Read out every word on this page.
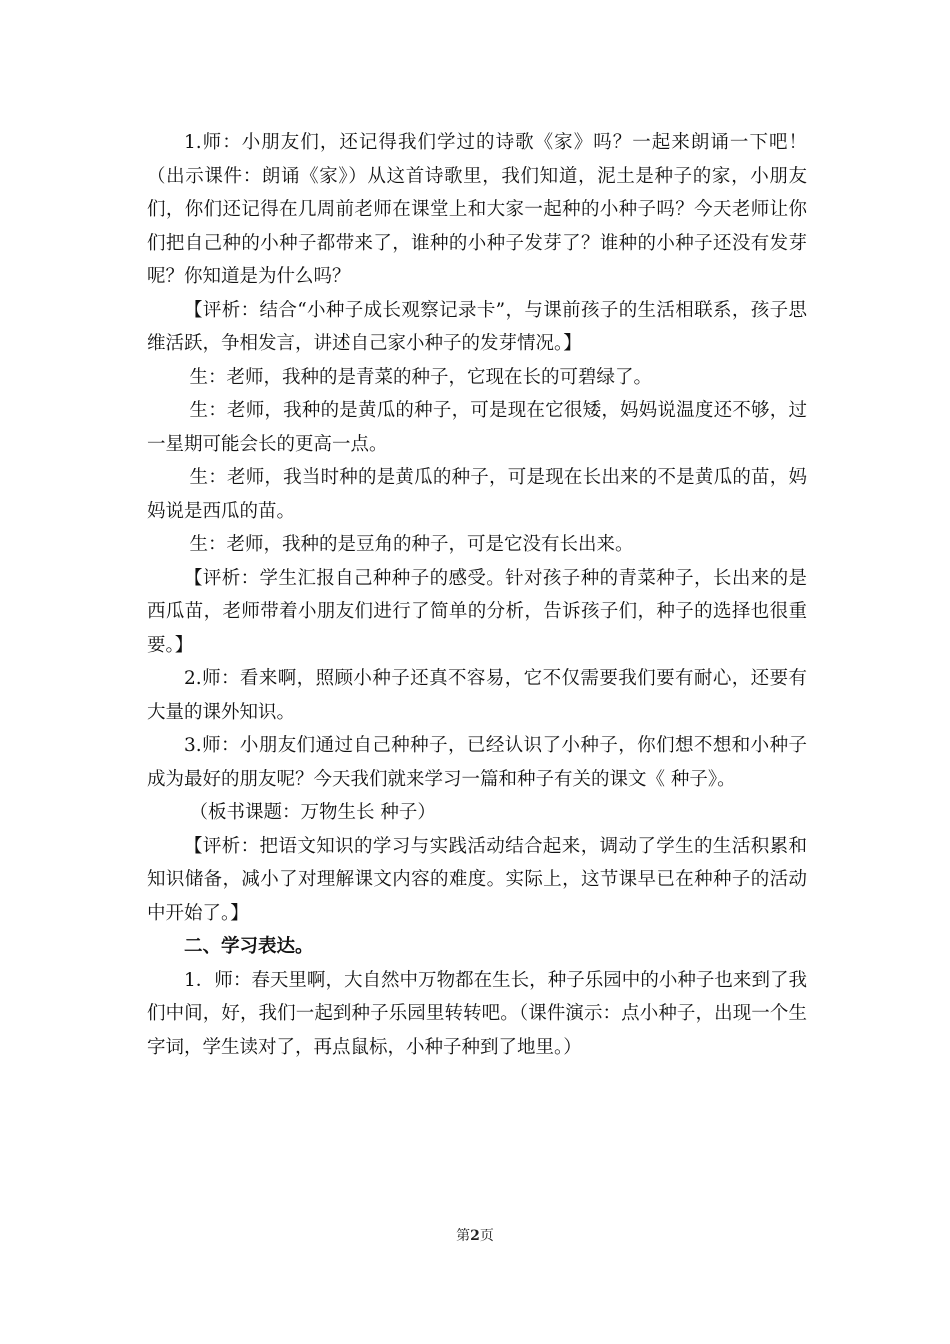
1.师：小朋友们，还记得我们学过的诗歌《家》吗？一起来朗诵一下吧！（出示课件：朗诵《家》）从这首诗歌里，我们知道，泥土是种子的家，小朋友们，你们还记得在几周前老师在课堂上和大家一起种的小种子吗？今天老师让你们把自己种的小种子都带来了，谁种的小种子发芽了？谁种的小种子还没有发芽呢？你知道是为什么吗？

【评析：结合“小种子成长观察记录卡”，与课前孩子的生活相联系，孩子思维活跃，争相发言，讲述自己家小种子的发芽情况。】

生：老师，我种的是青菜的种子，它现在长的可碧绿了。

生：老师，我种的是黄瓜的种子，可是现在它很矮，妈妈说温度还不够，过一星期可能会长的更高一点。

生：老师，我当时种的是黄瓜的种子，可是现在长出来的不是黄瓜的苗，妈妈说是西瓜的苗。

生：老师，我种的是豆角的种子，可是它没有长出来。

【评析：学生汇报自己种种子的感受。针对孩子种的青菜种子，长出来的是西瓜苗，老师带着小朋友们进行了简单的分析，告诉孩子们，种子的选择也很重要。】

2.师：看来啊，照顾小种子还真不容易，它不仅需要我们要有耐心，还要有大量的课外知识。

3.师：小朋友们通过自己种种子，已经认识了小种子，你们想不想和小种子成为最好的朋友呢？今天我们就来学习一篇和种子有关的课文《 种子》。

（板书课题：万物生长 种子）

【评析：把语文知识的学习与实践活动结合起来，调动了学生的生活积累和知识储备，减小了对理解课文内容的难度。实际上，这节课早已在种种子的活动中开始了。】

二、学习表达。

1．师：春天里啊，大自然中万物都在生长，种子乐园中的小种子也来到了我们中间，好，我们一起到种子乐园里转转吧。（课件演示：点小种子，出现一个生字词，学生读对了，再点鼠标，小种子种到了地里。）

第2页
